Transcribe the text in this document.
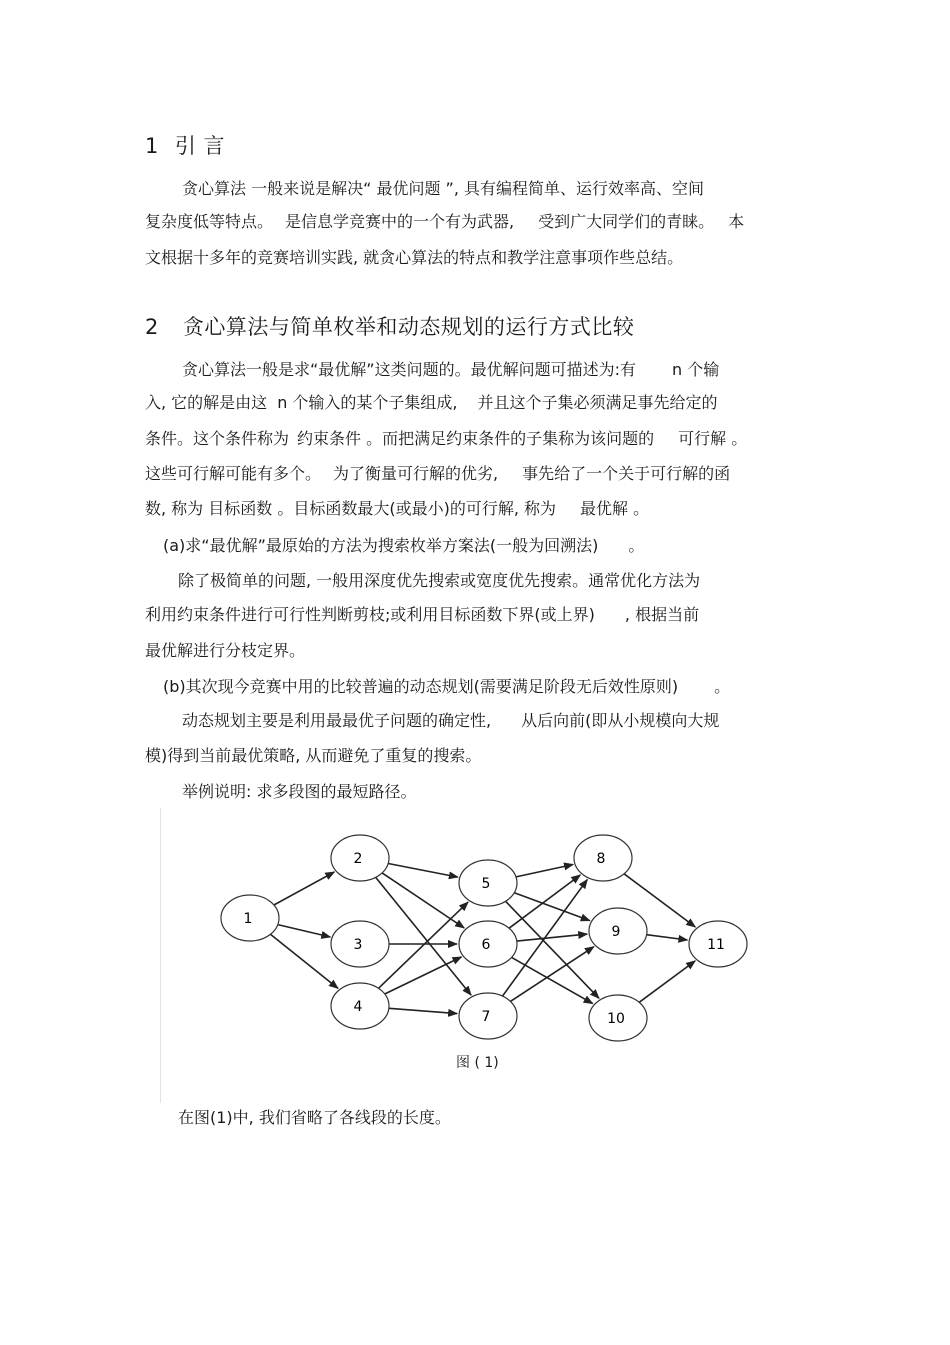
1 引 言
贪心算法 一般来说是解决“ 最优问题 ”, 具有编程简单、运行效率高、空间
复杂度低等特点。 是信息学竞赛中的一个有为武器, 受到广大同学们的青睐。 本
文根据十多年的竞赛培训实践, 就贪心算法的特点和教学注意事项作些总结。
2 贪心算法与简单枚举和动态规划的运行方式比较
贪心算法一般是求“最优解”这类问题的。最优解问题可描述为:有 n 个输
入, 它的解是由这 n 个输入的某个子集组成, 并且这个子集必须满足事先给定的
条件。这个条件称为 约束条件 。而把满足约束条件的子集称为该问题的 可行解 。
这些可行解可能有多个。 为了衡量可行解的优劣, 事先给了一个关于可行解的函
数, 称为 目标函数 。目标函数最大(或最小)的可行解, 称为 最优解 。
(a)求“最优解”最原始的方法为搜索枚举方案法(一般为回溯法) 。
除了极简单的问题, 一般用深度优先搜索或宽度优先搜索。通常优化方法为
利用约束条件进行可行性判断剪枝;或利用目标函数下界(或上界) , 根据当前
最优解进行分枝定界。
(b)其次现今竞赛中用的比较普遍的动态规划(需要满足阶段无后效性原则) 。
动态规划主要是利用最最优子问题的确定性, 从后向前(即从小规模向大规
模)得到当前最优策略, 从而避免了重复的搜索。
举例说明: 求多段图的最短路径。
1
2
3
4
5
6
7
8
9
10
11
图 ( 1)
在图(1)中, 我们省略了各线段的长度。
